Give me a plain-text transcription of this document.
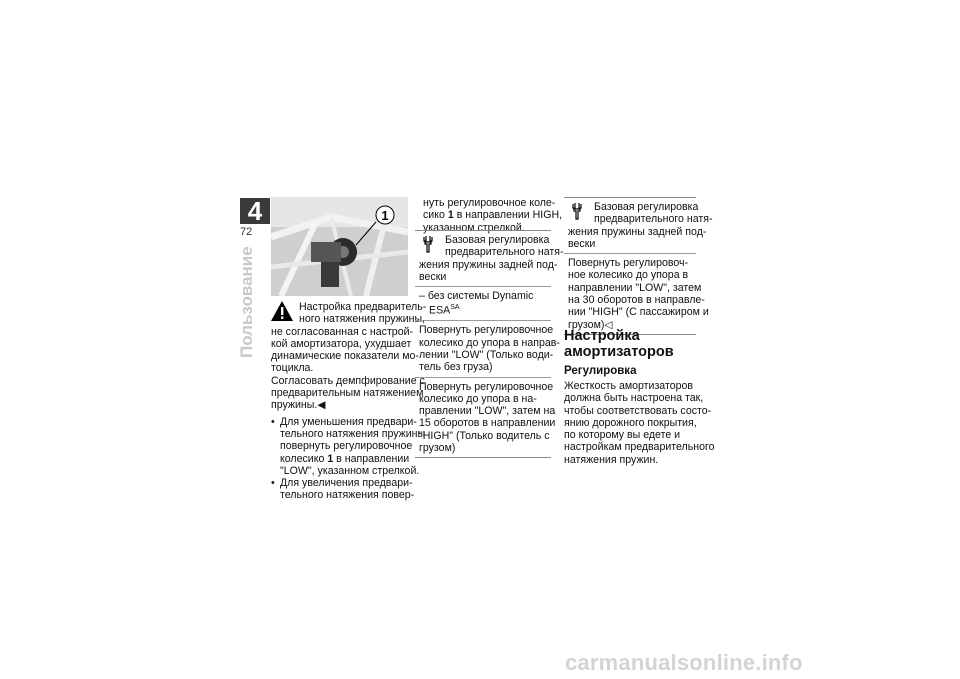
4
72
Пользование
1
Настройка предваритель-
ного натяжения пружины,
не согласованная с настрой-
кой амортизатора, ухудшает
динамические показатели мо-
тоцикла.
Согласовать демпфирование с
предварительным натяжением
пружины.◀
• Для уменьшения предвари-
тельного натяжения пружины
повернуть регулировочное
колесико 1 в направлении
"LOW", указанном стрелкой.
• Для увеличения предвари-
тельного натяжения повер-
нуть регулировочное коле-
сико 1 в направлении HIGH,
указанном стрелкой.
Базовая регулировка
предварительного натя-
жения пружины задней под-
вески
– без системы Dynamic
$ESA^{SA}$
Повернуть регулировочное
колесико до упора в направ-
лении "LOW" (Только води-
тель без груза)
Повернуть регулировочное
колесико до упора в на-
правлении "LOW", затем на
15 оборотов в направлении
"HIGH" (Только водитель с
грузом)
Базовая регулировка
предварительного натя-
жения пружины задней под-
вески
Повернуть регулировоч-
ное колесико до упора в
направлении "LOW", затем
на 30 оборотов в направле-
нии "HIGH" (С пассажиром и
грузом)◁
Настройка
амортизаторов
Регулировка
Жесткость амортизаторов
должна быть настроена так,
чтобы соответствовать состо-
янию дорожного покрытия,
по которому вы едете и
настройкам предварительного
натяжения пружин.
carmanualsonline.info
